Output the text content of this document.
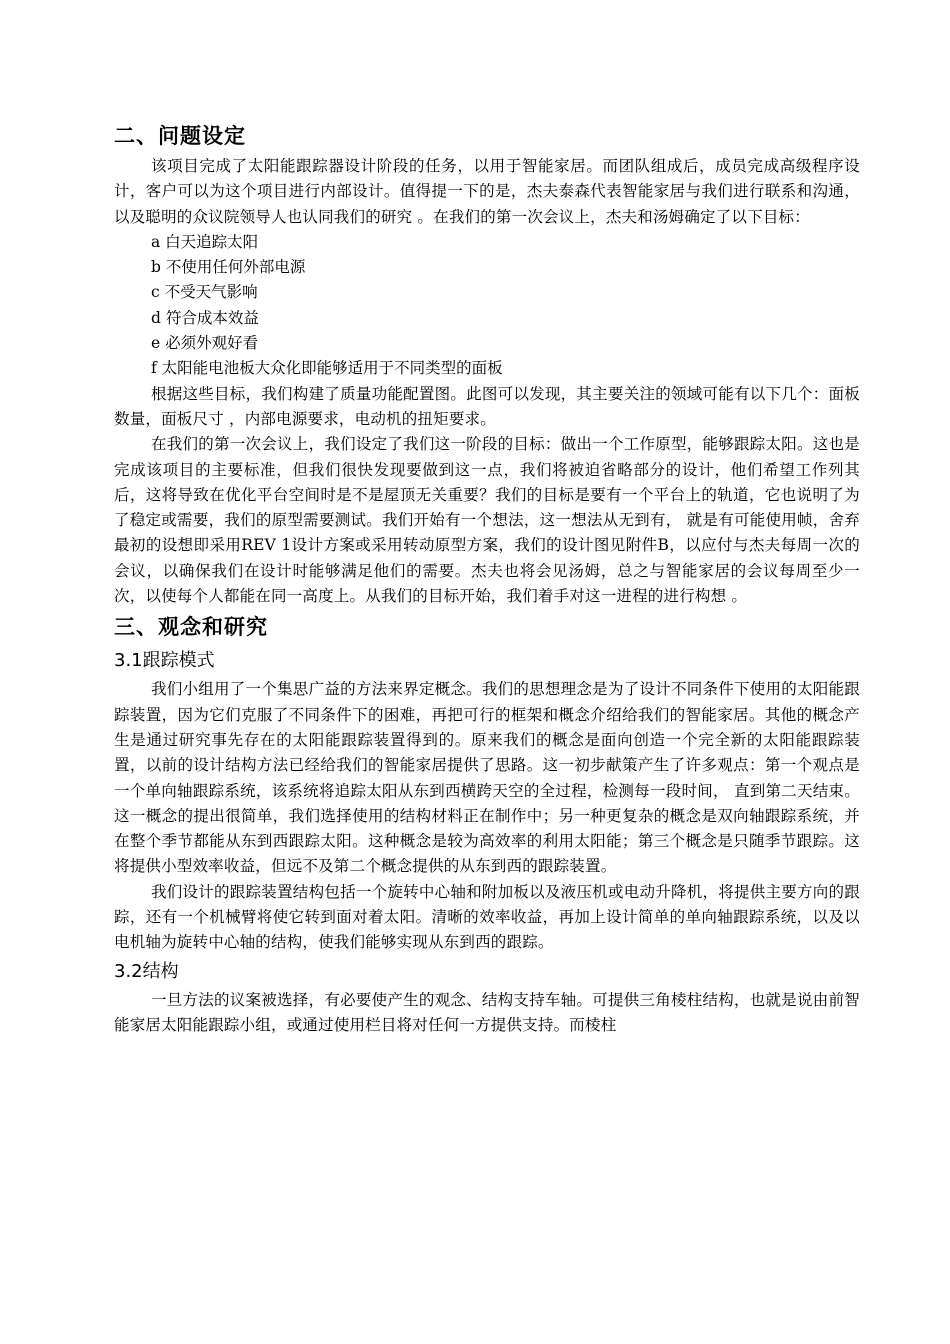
二、问题设定

该项目完成了太阳能跟踪器设计阶段的任务，以用于智能家居。而团队组成后，成员完成高级程序设计，客户可以为这个项目进行内部设计。值得提一下的是，杰夫泰森代表智能家居与我们进行联系和沟通，以及聪明的众议院领导人也认同我们的研究 。在我们的第一次会议上，杰夫和汤姆确定了以下目标：

a 白天追踪太阳
b 不使用任何外部电源
c 不受天气影响
d 符合成本效益
e 必须外观好看
f 太阳能电池板大众化即能够适用于不同类型的面板

根据这些目标，我们构建了质量功能配置图。此图可以发现，其主要关注的领域可能有以下几个：面板数量，面板尺寸 ，内部电源要求，电动机的扭矩要求。

在我们的第一次会议上，我们设定了我们这一阶段的目标：做出一个工作原型，能够跟踪太阳。这也是完成该项目的主要标准，但我们很快发现要做到这一点，我们将被迫省略部分的设计，他们希望工作列其后，这将导致在优化平台空间时是不是屋顶无关重要？我们的目标是要有一个平台上的轨道，它也说明了为了稳定或需要，我们的原型需要测试。我们开始有一个想法，这一想法从无到有， 就是有可能使用帧，舍弃最初的设想即采用REV 1设计方案或采用转动原型方案，我们的设计图见附件B，以应付与杰夫每周一次的会议，以确保我们在设计时能够满足他们的需要。杰夫也将会见汤姆，总之与智能家居的会议每周至少一次，以使每个人都能在同一高度上。从我们的目标开始，我们着手对这一进程的进行构想 。

三、观念和研究
3.1跟踪模式

我们小组用了一个集思广益的方法来界定概念。我们的思想理念是为了设计不同条件下使用的太阳能跟踪装置，因为它们克服了不同条件下的困难，再把可行的框架和概念介绍给我们的智能家居。其他的概念产生是通过研究事先存在的太阳能跟踪装置得到的。原来我们的概念是面向创造一个完全新的太阳能跟踪装置，以前的设计结构方法已经给我们的智能家居提供了思路。这一初步献策产生了许多观点：第一个观点是一个单向轴跟踪系统，该系统将追踪太阳从东到西横跨天空的全过程，检测每一段时间， 直到第二天结束。这一概念的提出很简单，我们选择使用的结构材料正在制作中；另一种更复杂的概念是双向轴跟踪系统，并在整个季节都能从东到西跟踪太阳。这种概念是较为高效率的利用太阳能；第三个概念是只随季节跟踪。这将提供小型效率收益，但远不及第二个概念提供的从东到西的跟踪装置。

我们设计的跟踪装置结构包括一个旋转中心轴和附加板以及液压机或电动升降机，将提供主要方向的跟踪，还有一个机械臂将使它转到面对着太阳。清晰的效率收益，再加上设计简单的单向轴跟踪系统，以及以电机轴为旋转中心轴的结构，使我们能够实现从东到西的跟踪。

3.2结构

一旦方法的议案被选择，有必要使产生的观念、结构支持车轴。可提供三角棱柱结构，也就是说由前智能家居太阳能跟踪小组，或通过使用栏目将对任何一方提供支持。而棱柱
